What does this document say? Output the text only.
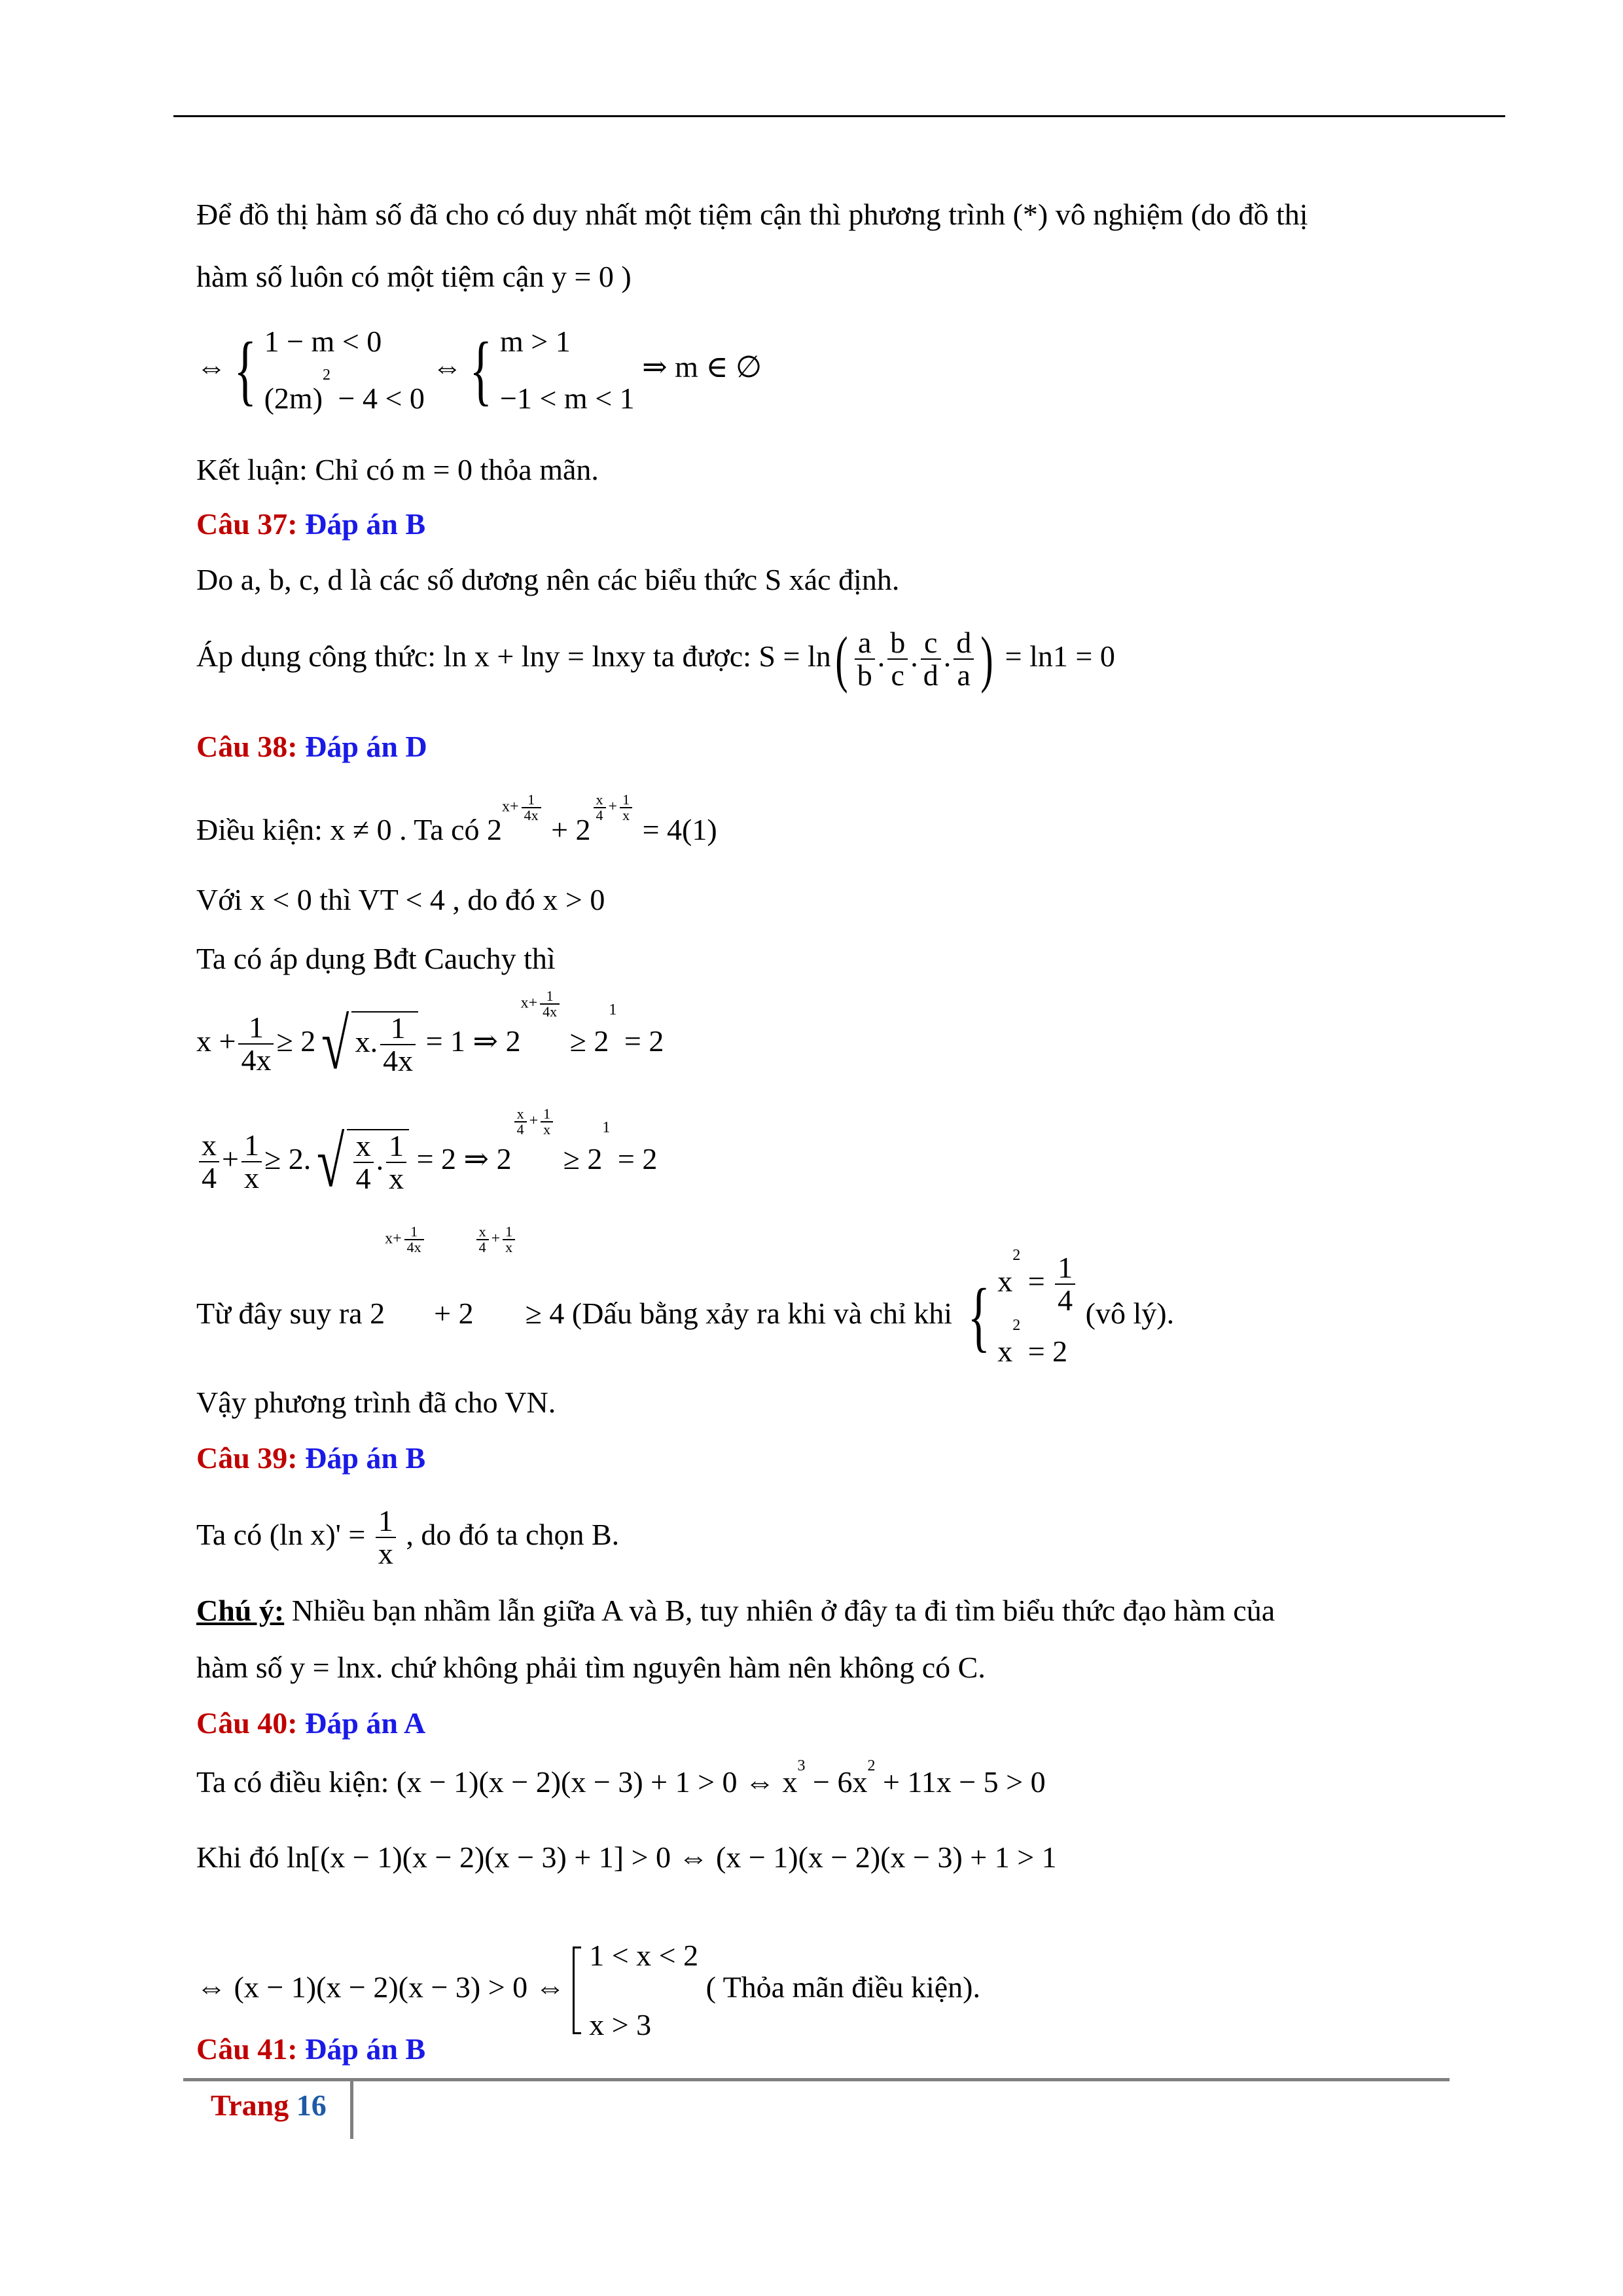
Để đồ thị hàm số đã cho có duy nhất một tiệm cận thì phương trình (*) vô nghiệm (do đồ thị
hàm số luôn có một tiệm cận y = 0 )
⇔{ 1 − m < 0
$(2m)^2 - 4 < 0$ ⇔{ m > 1
−1 < m < 1 ⇒ m ∈ ∅
Kết luận: Chỉ có m = 0 thỏa mãn.
Câu 37: Đáp án B
Do a, b, c, d là các số dương nên các biểu thức S xác định.
Áp dụng công thức: ln x + lny = lnxy ta được: $S = \ln( \frac{a}{b}$ . $\frac{b}{c}$ . $\frac{c}{d}$ . $\frac{d}{a}$ ) = ln1 = 0
Câu 38: Đáp án D
Điều kiện: x ≠ 0 . Ta có $2x+ \frac{1}{4x}$
+ 2
$\frac{x}{4} + \frac{1}{x}$
= 4(1)
Với x < 0 thì VT < 4 , do đó x > 0
Ta có áp dụng Bđt Cauchy thì
$x + \frac{1}{4x} \ge 2√$ x. $\frac{1}{4x} = 1$ ⇒ $2x+ \frac{1}{4x}$
≥ $2^1 = 2$
$\frac{x}{4} + \frac{1}{x} \ge 2.√ \frac{x}{4}$ . $\frac{1}{x} = 2$ ⇒ 2
$\frac{x}{4} + \frac{1}{x}$
≥ $2^1 = 2$
Từ đây suy ra $2x+ \frac{1}{4x}$
+ 2
$\frac{x}{4} + \frac{1}{x}$
≥ 4 (Dấu bằng xảy ra khi và chỉ khi { $x^2 = \frac{1}{4}$

$x^2 = 2$ (vô lý).
Vậy phương trình đã cho VN.
Câu 39: Đáp án B
Ta có (ln $x)' = \frac{1}{x}$ , do đó ta chọn B.
Chú ý: Nhiều bạn nhầm lẫn giữa A và B, tuy nhiên ở đây ta đi tìm biểu thức đạo hàm của
hàm số y = lnx. chứ không phải tìm nguyên hàm nên không có C.
Câu 40: Đáp án A
Ta có điều kiện: (x − 1)(x − 2)(x − 3) + 1 > 0 ⇔ $x^3 - 6x^2 + 11x - 5 > 0$
Khi đó ln[(x − 1)(x − 2)(x − 3) + 1] > 0 ⇔ (x − 1)(x − 2)(x − 3) + 1 > 1
⇔ (x − 1)(x − 2)(x − 3) > 0 ⇔ 1 < x < 2
x > 3 ( Thỏa mãn điều kiện).
Câu 41: Đáp án B
Trang 16
